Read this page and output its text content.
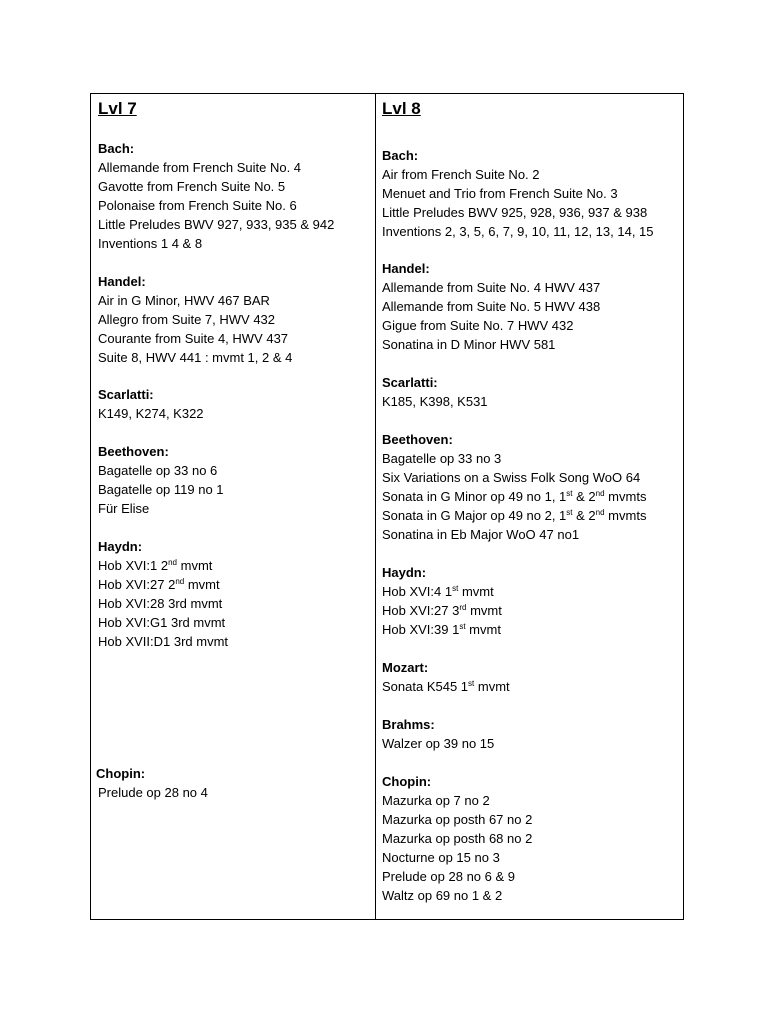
Lvl 7
Bach:
Allemande from French Suite No. 4
Gavotte from French Suite No. 5
Polonaise from French Suite No. 6
Little Preludes BWV 927, 933, 935 & 942
Inventions 1 4 & 8
Handel:
Air in G Minor, HWV 467 BAR
Allegro from Suite 7, HWV 432
Courante from Suite 4, HWV 437
Suite 8, HWV 441 : mvmt 1, 2 & 4
Scarlatti:
K149, K274, K322
Beethoven:
Bagatelle op 33 no 6
Bagatelle op 119 no 1
Für Elise
Haydn:
Hob XVI:1 2nd mvmt
Hob XVI:27 2nd mvmt
Hob XVI:28 3rd mvmt
Hob XVI:G1 3rd mvmt
Hob XVII:D1 3rd mvmt
Chopin:
Prelude op 28 no 4
Lvl 8
Bach:
Air from French Suite No. 2
Menuet and Trio from French Suite No. 3
Little Preludes BWV 925, 928, 936, 937 & 938
Inventions 2, 3, 5, 6, 7, 9, 10, 11, 12, 13, 14, 15
Handel:
Allemande from Suite No. 4 HWV 437
Allemande from Suite No. 5 HWV 438
Gigue from Suite No. 7 HWV 432
Sonatina in D Minor HWV 581
Scarlatti:
K185, K398, K531
Beethoven:
Bagatelle op 33 no 3
Six Variations on a Swiss Folk Song WoO 64
Sonata in G Minor op 49 no 1, 1st & 2nd mvmts
Sonata in G Major op 49 no 2, 1st & 2nd mvmts
Sonatina in Eb Major WoO 47 no1
Haydn:
Hob XVI:4 1st mvmt
Hob XVI:27 3rd mvmt
Hob XVI:39 1st mvmt
Mozart:
Sonata K545 1st mvmt
Brahms:
Walzer op 39 no 15
Chopin:
Mazurka op 7 no 2
Mazurka op posth 67 no 2
Mazurka op posth 68 no 2
Nocturne op 15 no 3
Prelude op 28 no 6 & 9
Waltz op 69 no 1 & 2
